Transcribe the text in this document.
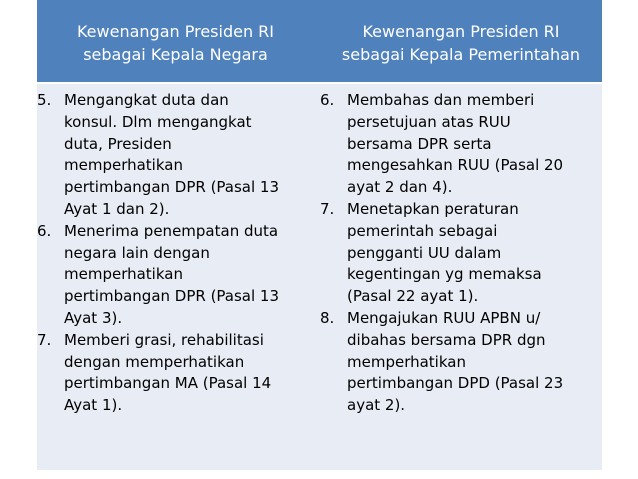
Kewenangan Presiden RI
sebagai Kepala Negara
Kewenangan Presiden RI
sebagai Kepala Pemerintahan
5. Mengangkat duta dan
konsul. Dlm mengangkat
duta, Presiden
memperhatikan
pertimbangan DPR (Pasal 13
Ayat 1 dan 2).
6. Menerima penempatan duta
negara lain dengan
memperhatikan
pertimbangan DPR (Pasal 13
Ayat 3).
7. Memberi grasi, rehabilitasi
dengan memperhatikan
pertimbangan MA (Pasal 14
Ayat 1).
6. Membahas dan memberi
persetujuan atas RUU
bersama DPR serta
mengesahkan RUU (Pasal 20
ayat 2 dan 4).
7. Menetapkan peraturan
pemerintah sebagai
pengganti UU dalam
kegentingan yg memaksa
(Pasal 22 ayat 1).
8. Mengajukan RUU APBN u/
dibahas bersama DPR dgn
memperhatikan
pertimbangan DPD (Pasal 23
ayat 2).
